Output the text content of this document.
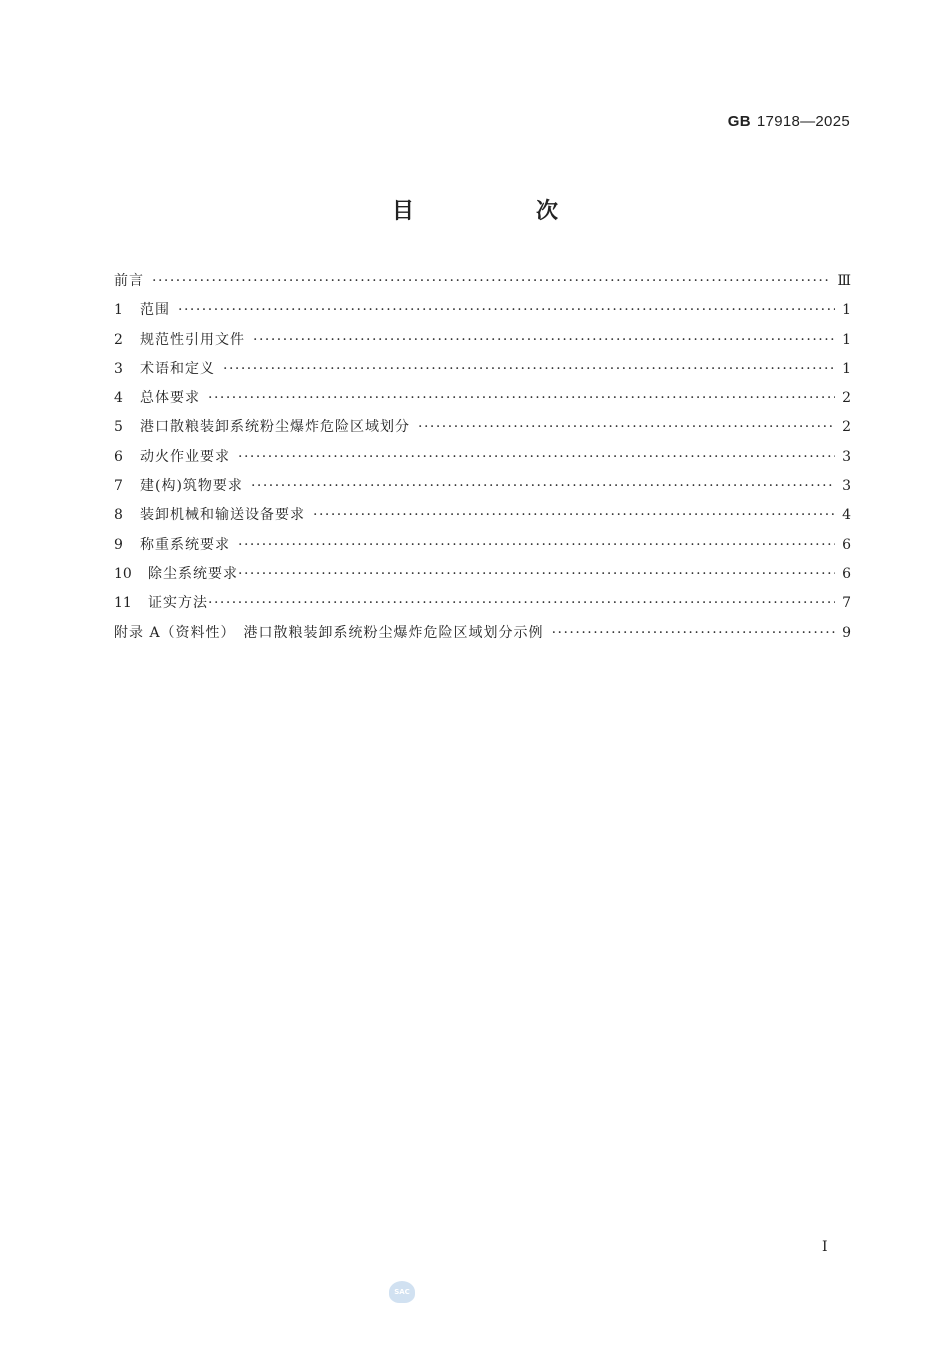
GB 17918—2025
目　次
前言 ·····	Ⅲ
1	范围 ·····	1
2	规范性引用文件 ·····	1
3	术语和定义 ·····	1
4	总体要求 ·····	2
5	港口散粮装卸系统粉尘爆炸危险区域划分 ·····	2
6	动火作业要求 ·····	3
7	建(构)筑物要求 ·····	3
8	装卸机械和输送设备要求 ·····	4
9	称重系统要求 ·····	6
10	除尘系统要求 ·····	6
11	证实方法 ·····	7
附录 A（资料性）　港口散粮装卸系统粉尘爆炸危险区域划分示例 ·····	9
Ⅰ
SAC
